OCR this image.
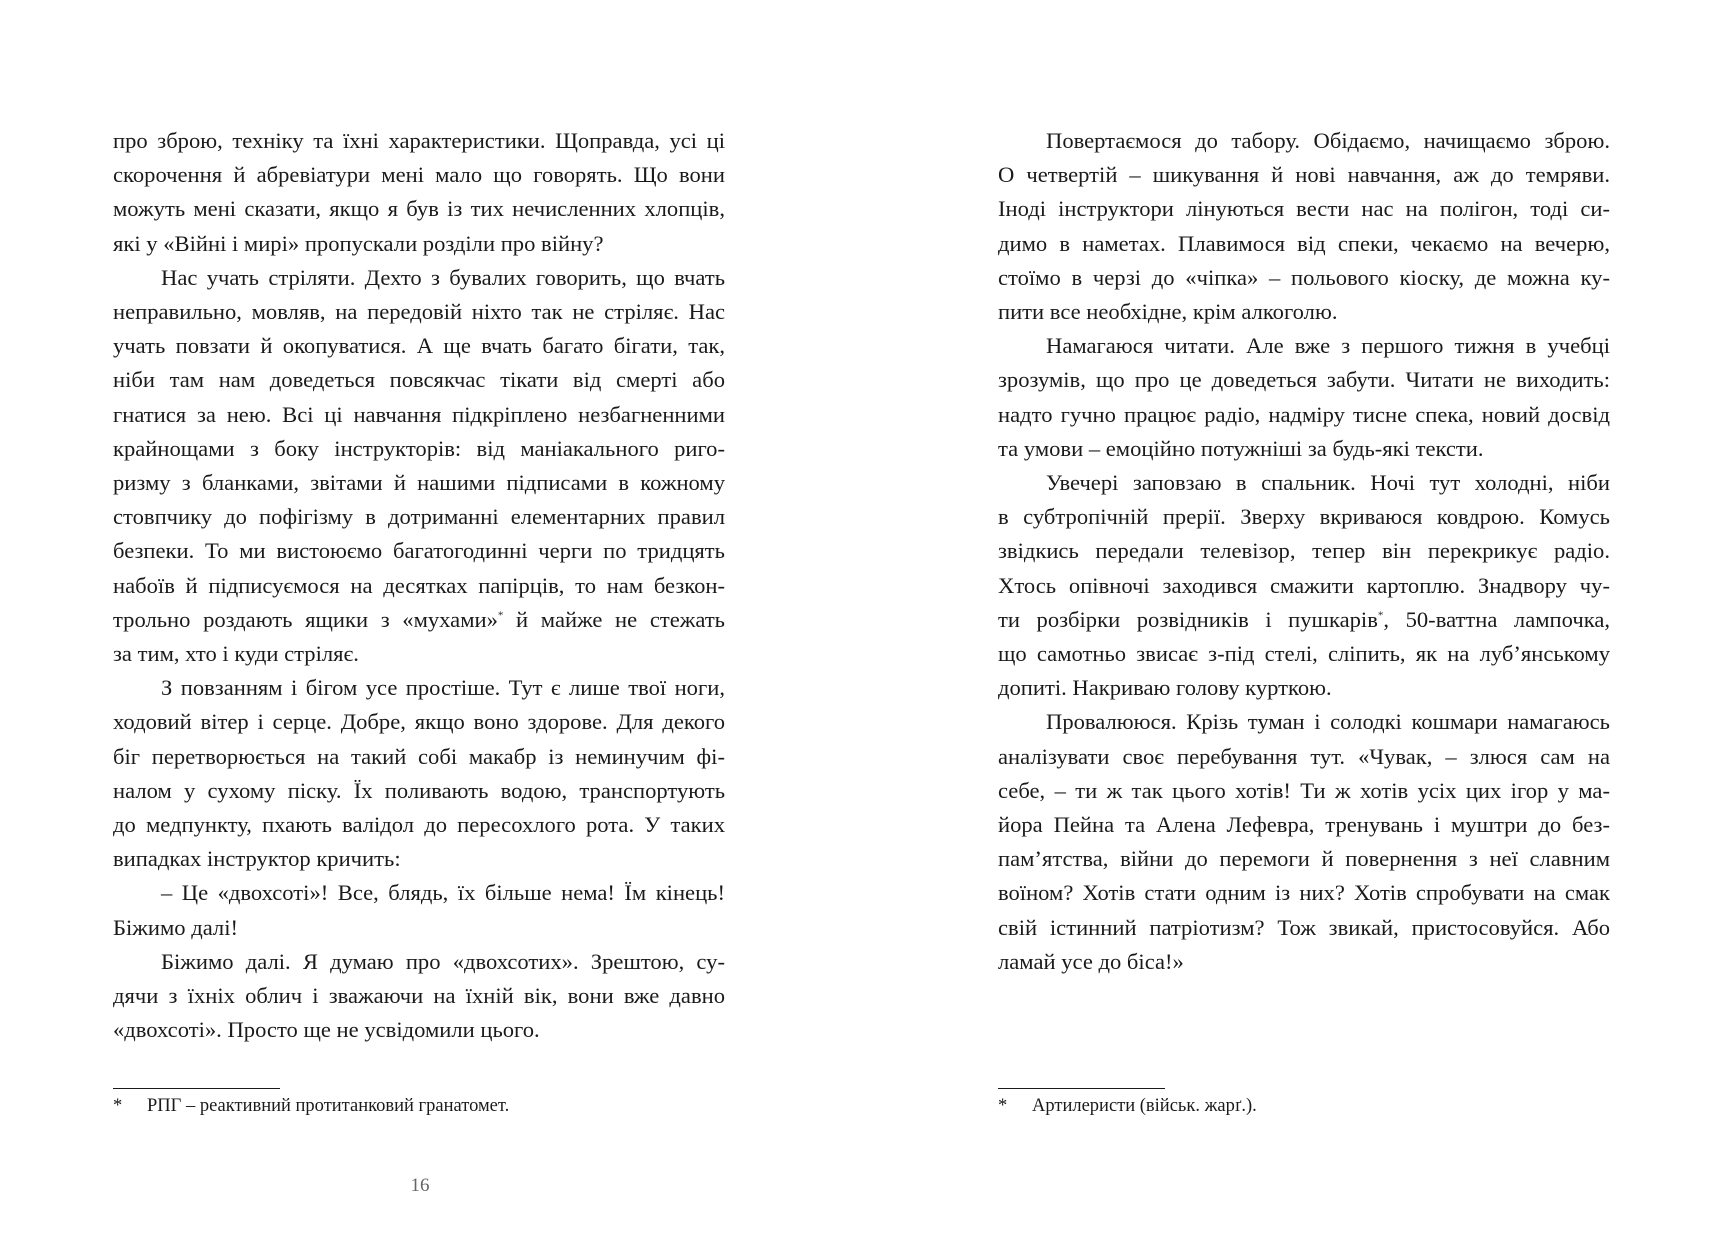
про зброю, техніку та їхні характеристики. Щоправда, усі ці
скорочення й абревіатури мені мало що говорять. Що вони
можуть мені сказати, якщо я був із тих нечисленних хлопців,
які у «Війні і мирі» пропускали розділи про війну?
Нас учать стріляти. Дехто з бувалих говорить, що вчать
неправильно, мовляв, на передовій ніхто так не стріляє. Нас
учать повзати й окопуватися. А ще вчать багато бігати, так,
ніби там нам доведеться повсякчас тікати від смерті або
гнатися за нею. Всі ці навчання підкріплено незбагненними
крайнощами з боку інструкторів: від маніакального риго-
ризму з бланками, звітами й нашими підписами в кожному
стовпчику до пофігізму в дотриманні елементарних правил
безпеки. То ми вистоюємо багатогодинні черги по тридцять
набоїв й підписуємося на десятках папірців, то нам безкон-
трольно роздають ящики з «мухами»* й майже не стежать
за тим, хто і куди стріляє.
З повзанням і бігом усе простіше. Тут є лише твої ноги,
ходовий вітер і серце. Добре, якщо воно здорове. Для декого
біг перетворюється на такий собі макабр із неминучим фі-
налом у сухому піску. Їх поливають водою, транспортують
до медпункту, пхають валідол до пересохлого рота. У таких
випадках інструктор кричить:
– Це «двохсоті»! Все, блядь, їх більше нема! Їм кінець!
Біжимо далі!
Біжимо далі. Я думаю про «двохсотих». Зрештою, су-
дячи з їхніх облич і зважаючи на їхній вік, вони вже давно
«двохсоті». Просто ще не усвідомили цього.
* РПГ – реактивний протитанковий гранатомет.
16
Повертаємося до табору. Обідаємо, начищаємо зброю.
О четвертій – шикування й нові навчання, аж до темряви.
Іноді інструктори лінуються вести нас на полігон, тоді си-
димо в наметах. Плавимося від спеки, чекаємо на вечерю,
стоїмо в черзі до «чіпка» – польового кіоску, де можна ку-
пити все необхідне, крім алкоголю.
Намагаюся читати. Але вже з першого тижня в учебці
зрозумів, що про це доведеться забути. Читати не виходить:
надто гучно працює радіо, надміру тисне спека, новий досвід
та умови – емоційно потужніші за будь-які тексти.
Увечері заповзаю в спальник. Ночі тут холодні, ніби
в субтропічній прерії. Зверху вкриваюся ковдрою. Комусь
звідкись передали телевізор, тепер він перекрикує радіо.
Хтось опівночі заходився смажити картоплю. Знадвору чу-
ти розбірки розвідників і пушкарів*, 50-ваттна лампочка,
що самотньо звисає з-під стелі, сліпить, як на луб’янському
допиті. Накриваю голову курткою.
Провалююся. Крізь туман і солодкі кошмари намагаюсь
аналізувати своє перебування тут. «Чувак, – злюся сам на
себе, – ти ж так цього хотів! Ти ж хотів усіх цих ігор у ма-
йора Пейна та Алена Лефевра, тренувань і муштри до без-
пам’ятства, війни до перемоги й повернення з неї славним
воїном? Хотів стати одним із них? Хотів спробувати на смак
свій істинний патріотизм? Тож звикай, пристосовуйся. Або
ламай усе до біса!»
* Артилеристи (військ. жарґ.).
